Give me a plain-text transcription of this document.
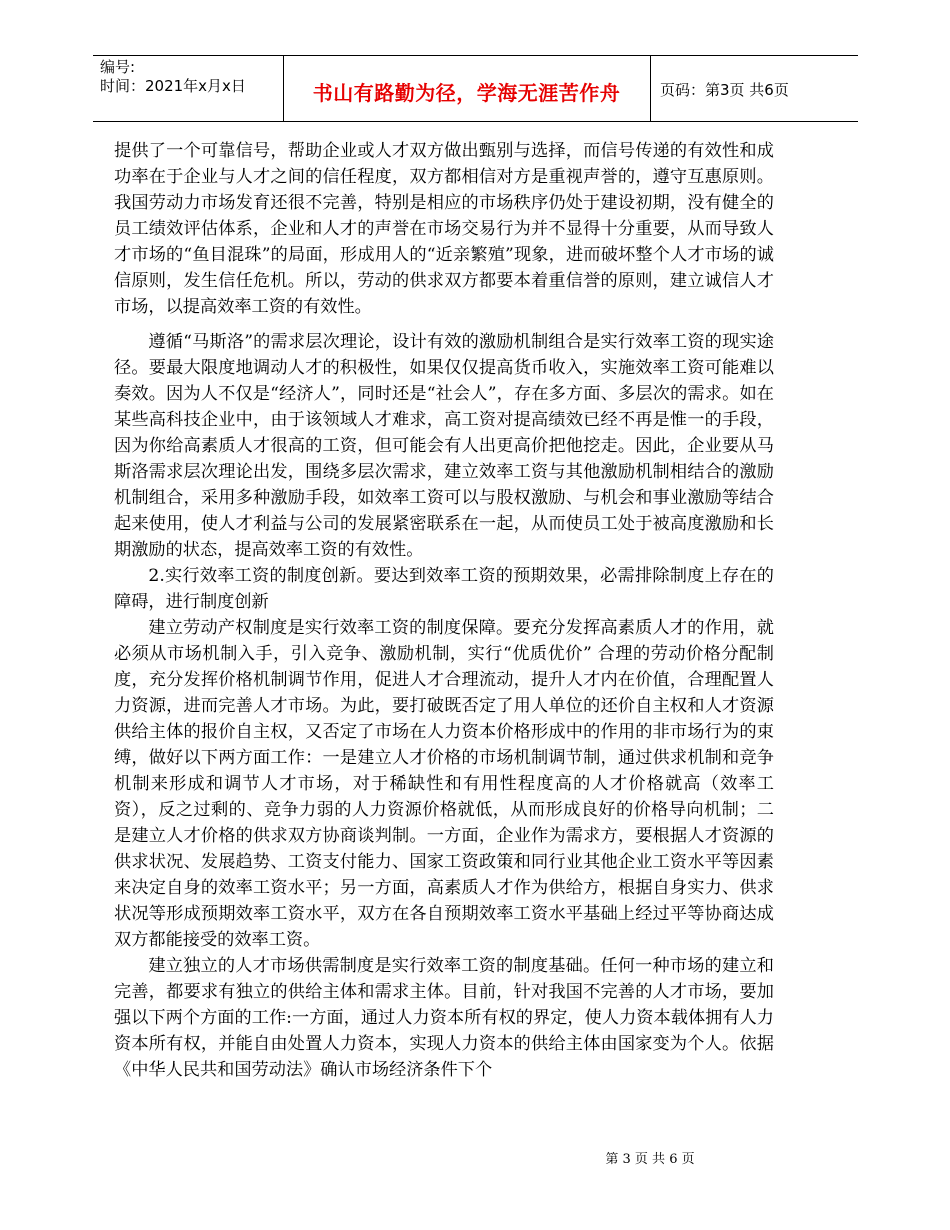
编号:
时间：2021年x月x日	书山有路勤为径，学海无涯苦作舟	页码：第3页 共6页

提供了一个可靠信号，帮助企业或人才双方做出甄别与选择，而信号传递的有效性和成功率在于企业与人才之间的信任程度，双方都相信对方是重视声誉的，遵守互惠原则。我国劳动力市场发育还很不完善，特别是相应的市场秩序仍处于建设初期，没有健全的员工绩效评估体系，企业和人才的声誉在市场交易行为并不显得十分重要，从而导致人才市场的“鱼目混珠”的局面，形成用人的“近亲繁殖”现象，进而破坏整个人才市场的诚信原则，发生信任危机。所以，劳动的供求双方都要本着重信誉的原则，建立诚信人才市场，以提高效率工资的有效性。

遵循“马斯洛”的需求层次理论，设计有效的激励机制组合是实行效率工资的现实途径。要最大限度地调动人才的积极性，如果仅仅提高货币收入，实施效率工资可能难以奏效。因为人不仅是“经济人”，同时还是“社会人”，存在多方面、多层次的需求。如在某些高科技企业中，由于该领域人才难求，高工资对提高绩效已经不再是惟一的手段，因为你给高素质人才很高的工资，但可能会有人出更高价把他挖走。因此，企业要从马斯洛需求层次理论出发，围绕多层次需求，建立效率工资与其他激励机制相结合的激励机制组合，采用多种激励手段，如效率工资可以与股权激励、与机会和事业激励等结合起来使用，使人才利益与公司的发展紧密联系在一起，从而使员工处于被高度激励和长期激励的状态，提高效率工资的有效性。

2.实行效率工资的制度创新。要达到效率工资的预期效果，必需排除制度上存在的障碍，进行制度创新

建立劳动产权制度是实行效率工资的制度保障。要充分发挥高素质人才的作用，就必须从市场机制入手，引入竞争、激励机制，实行“优质优价” 合理的劳动价格分配制度，充分发挥价格机制调节作用，促进人才合理流动，提升人才内在价值，合理配置人力资源，进而完善人才市场。为此，要打破既否定了用人单位的还价自主权和人才资源供给主体的报价自主权，又否定了市场在人力资本价格形成中的作用的非市场行为的束缚，做好以下两方面工作：一是建立人才价格的市场机制调节制，通过供求机制和竞争机制来形成和调节人才市场，对于稀缺性和有用性程度高的人才价格就高（效率工资），反之过剩的、竞争力弱的人力资源价格就低，从而形成良好的价格导向机制；二是建立人才价格的供求双方协商谈判制。一方面，企业作为需求方，要根据人才资源的供求状况、发展趋势、工资支付能力、国家工资政策和同行业其他企业工资水平等因素来决定自身的效率工资水平；另一方面，高素质人才作为供给方，根据自身实力、供求状况等形成预期效率工资水平，双方在各自预期效率工资水平基础上经过平等协商达成双方都能接受的效率工资。

建立独立的人才市场供需制度是实行效率工资的制度基础。任何一种市场的建立和完善，都要求有独立的供给主体和需求主体。目前，针对我国不完善的人才市场，要加强以下两个方面的工作:一方面，通过人力资本所有权的界定，使人力资本载体拥有人力资本所有权，并能自由处置人力资本，实现人力资本的供给主体由国家变为个人。依据《中华人民共和国劳动法》确认市场经济条件下个

第 3 页 共 6 页
